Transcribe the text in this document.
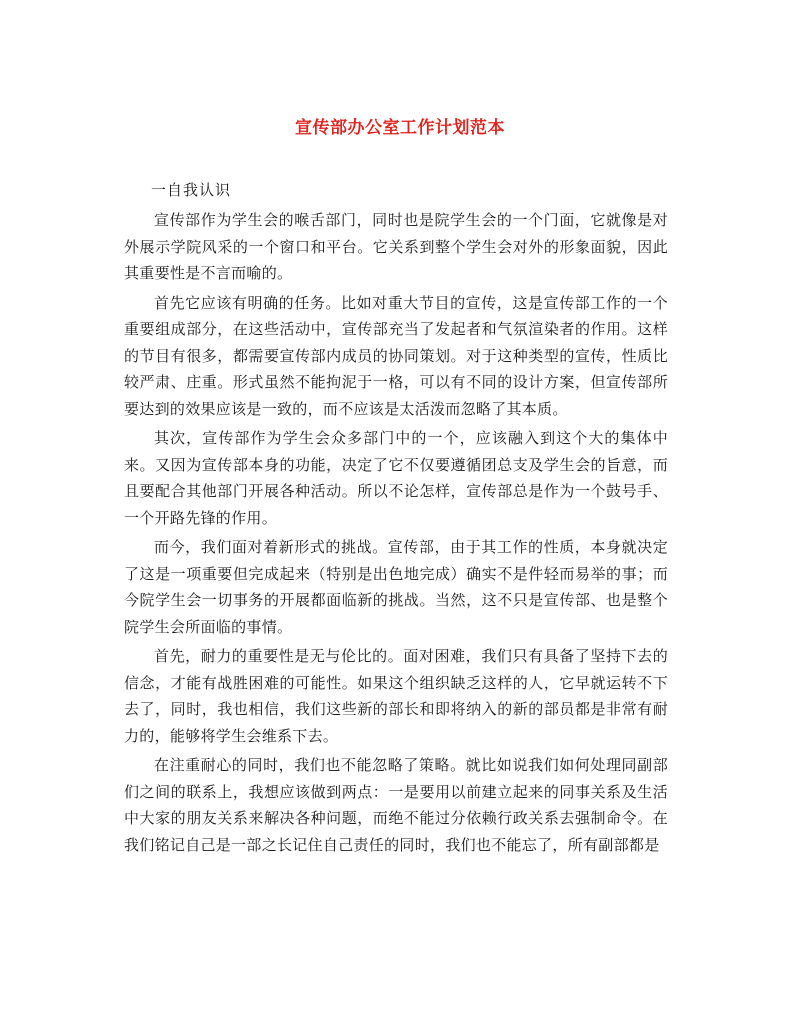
宣传部办公室工作计划范本
一自我认识

宣传部作为学生会的喉舌部门，同时也是院学生会的一个门面，它就像是对外展示学院风采的一个窗口和平台。它关系到整个学生会对外的形象面貌，因此其重要性是不言而喻的。

首先它应该有明确的任务。比如对重大节目的宣传，这是宣传部工作的一个重要组成部分，在这些活动中，宣传部充当了发起者和气氛渲染者的作用。这样的节目有很多，都需要宣传部内成员的协同策划。对于这种类型的宣传，性质比较严肃、庄重。形式虽然不能拘泥于一格，可以有不同的设计方案，但宣传部所要达到的效果应该是一致的，而不应该是太活泼而忽略了其本质。

其次，宣传部作为学生会众多部门中的一个，应该融入到这个大的集体中来。又因为宣传部本身的功能，决定了它不仅要遵循团总支及学生会的旨意，而且要配合其他部门开展各种活动。所以不论怎样，宣传部总是作为一个鼓号手、一个开路先锋的作用。

而今，我们面对着新形式的挑战。宣传部，由于其工作的性质，本身就决定了这是一项重要但完成起来（特别是出色地完成）确实不是件轻而易举的事；而今院学生会一切事务的开展都面临新的挑战。当然，这不只是宣传部、也是整个院学生会所面临的事情。

首先，耐力的重要性是无与伦比的。面对困难，我们只有具备了坚持下去的信念，才能有战胜困难的可能性。如果这个组织缺乏这样的人，它早就运转不下去了，同时，我也相信，我们这些新的部长和即将纳入的新的部员都是非常有耐力的，能够将学生会维系下去。

在注重耐心的同时，我们也不能忽略了策略。就比如说我们如何处理同副部们之间的联系上，我想应该做到两点：一是要用以前建立起来的同事关系及生活中大家的朋友关系来解决各种问题，而绝不能过分依赖行政关系去强制命令。在我们铭记自己是一部之长记住自己责任的同时，我们也不能忘了，所有副部都是
